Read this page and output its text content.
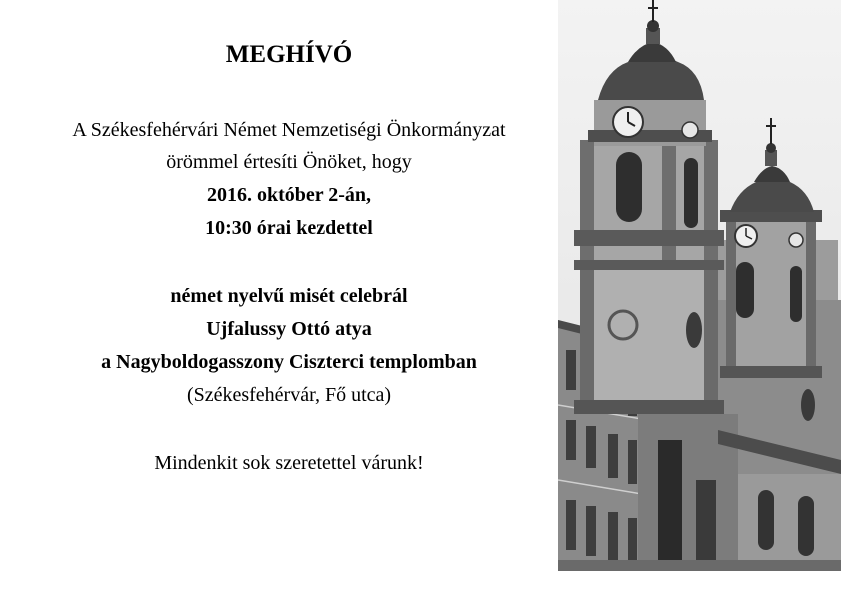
MEGHÍVÓ
A Székesfehérvári Német Nemzetiségi Önkormányzat
örömmel értesíti Önöket, hogy
2016. október 2-án,
10:30 órai kezdettel
német nyelvű misét celebrál
Ujfalussy Ottó atya
a Nagyboldogasszony Ciszterci templomban
(Székesfehérvár, Fő utca)
Mindenkit sok szeretettel várunk!
